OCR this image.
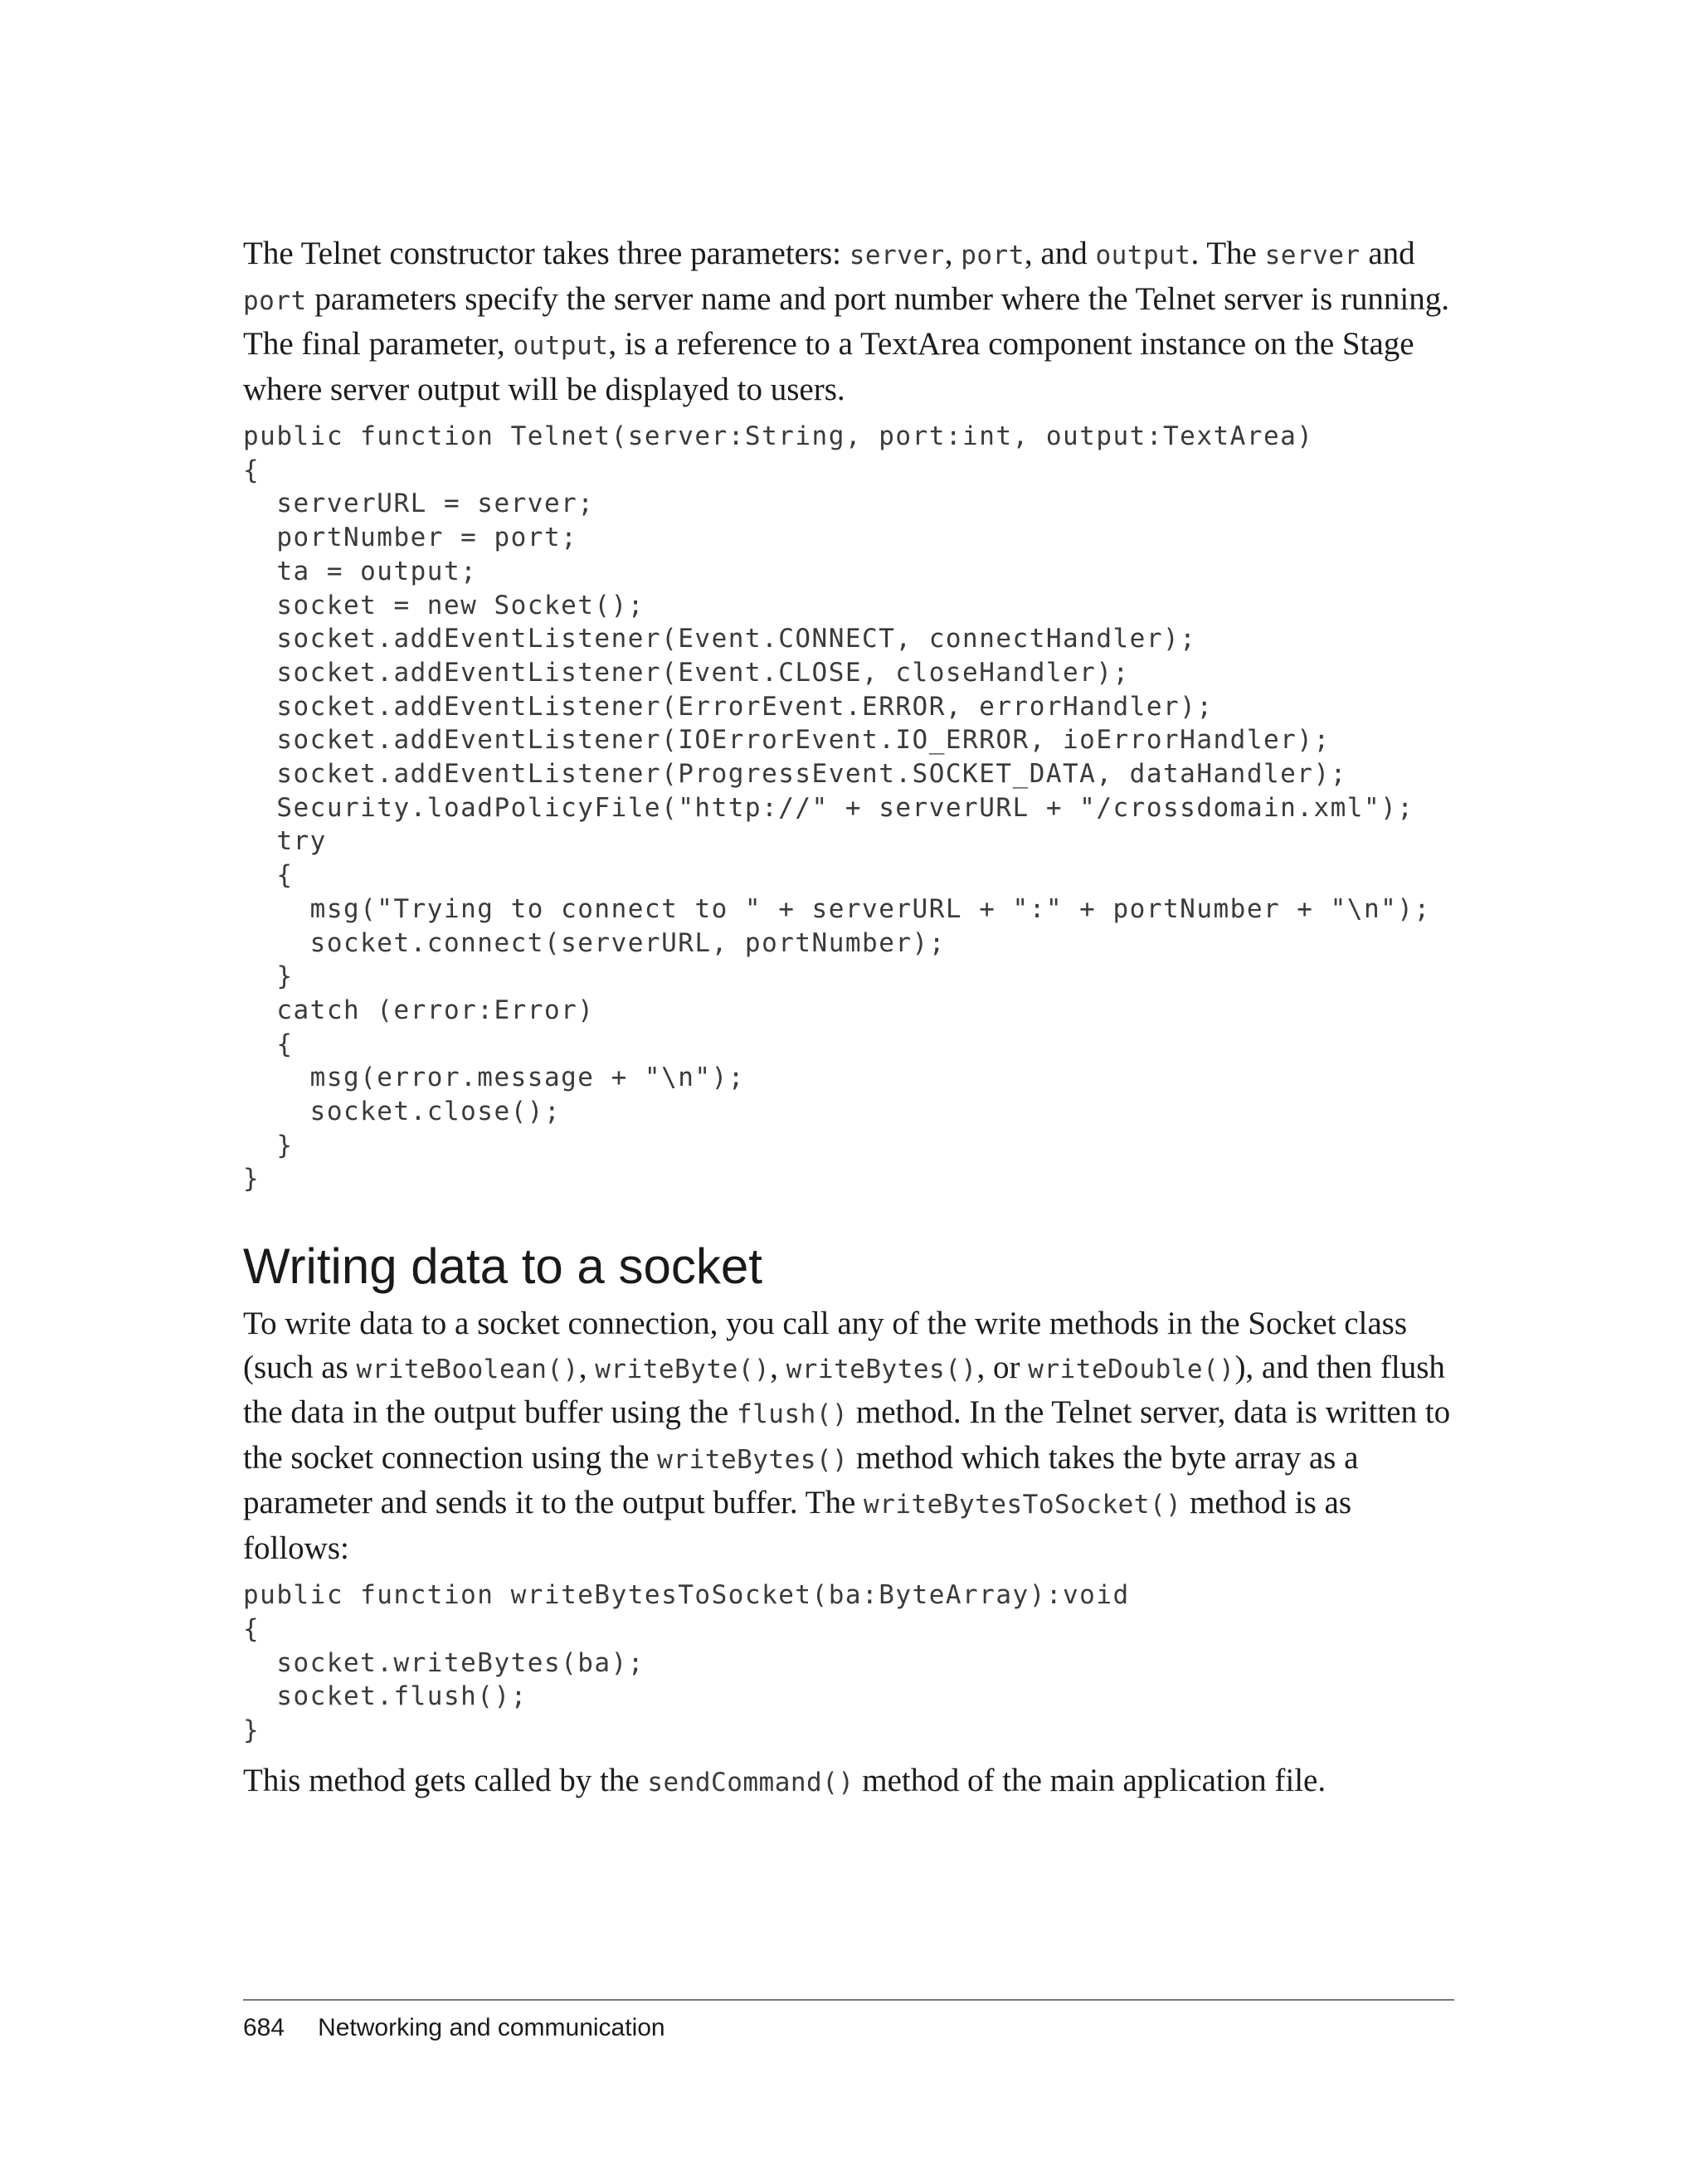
The Telnet constructor takes three parameters: server, port, and output. The server and port parameters specify the server name and port number where the Telnet server is running. The final parameter, output, is a reference to a TextArea component instance on the Stage where server output will be displayed to users.

public function Telnet(server:String, port:int, output:TextArea)
{
serverURL = server;
portNumber = port;
ta = output;
socket = new Socket();
socket.addEventListener(Event.CONNECT, connectHandler);
socket.addEventListener(Event.CLOSE, closeHandler);
socket.addEventListener(ErrorEvent.ERROR, errorHandler);
socket.addEventListener(IOErrorEvent.IO_ERROR, ioErrorHandler);
socket.addEventListener(ProgressEvent.SOCKET_DATA, dataHandler);
Security.loadPolicyFile("http://" + serverURL + "/crossdomain.xml");
try
{
msg("Trying to connect to " + serverURL + ":" + portNumber + "\n");
socket.connect(serverURL, portNumber);
}
catch (error:Error)
{
msg(error.message + "\n");
socket.close();
}
}
Writing data to a socket

To write data to a socket connection, you call any of the write methods in the Socket class (such as writeBoolean(), writeByte(), writeBytes(), or writeDouble()), and then flush the data in the output buffer using the flush() method. In the Telnet server, data is written to the socket connection using the writeBytes() method which takes the byte array as a parameter and sends it to the output buffer. The writeBytesToSocket() method is as follows:

public function writeBytesToSocket(ba:ByteArray):void
{
socket.writeBytes(ba);
socket.flush();
}

This method gets called by the sendCommand() method of the main application file.

684 Networking and communication
